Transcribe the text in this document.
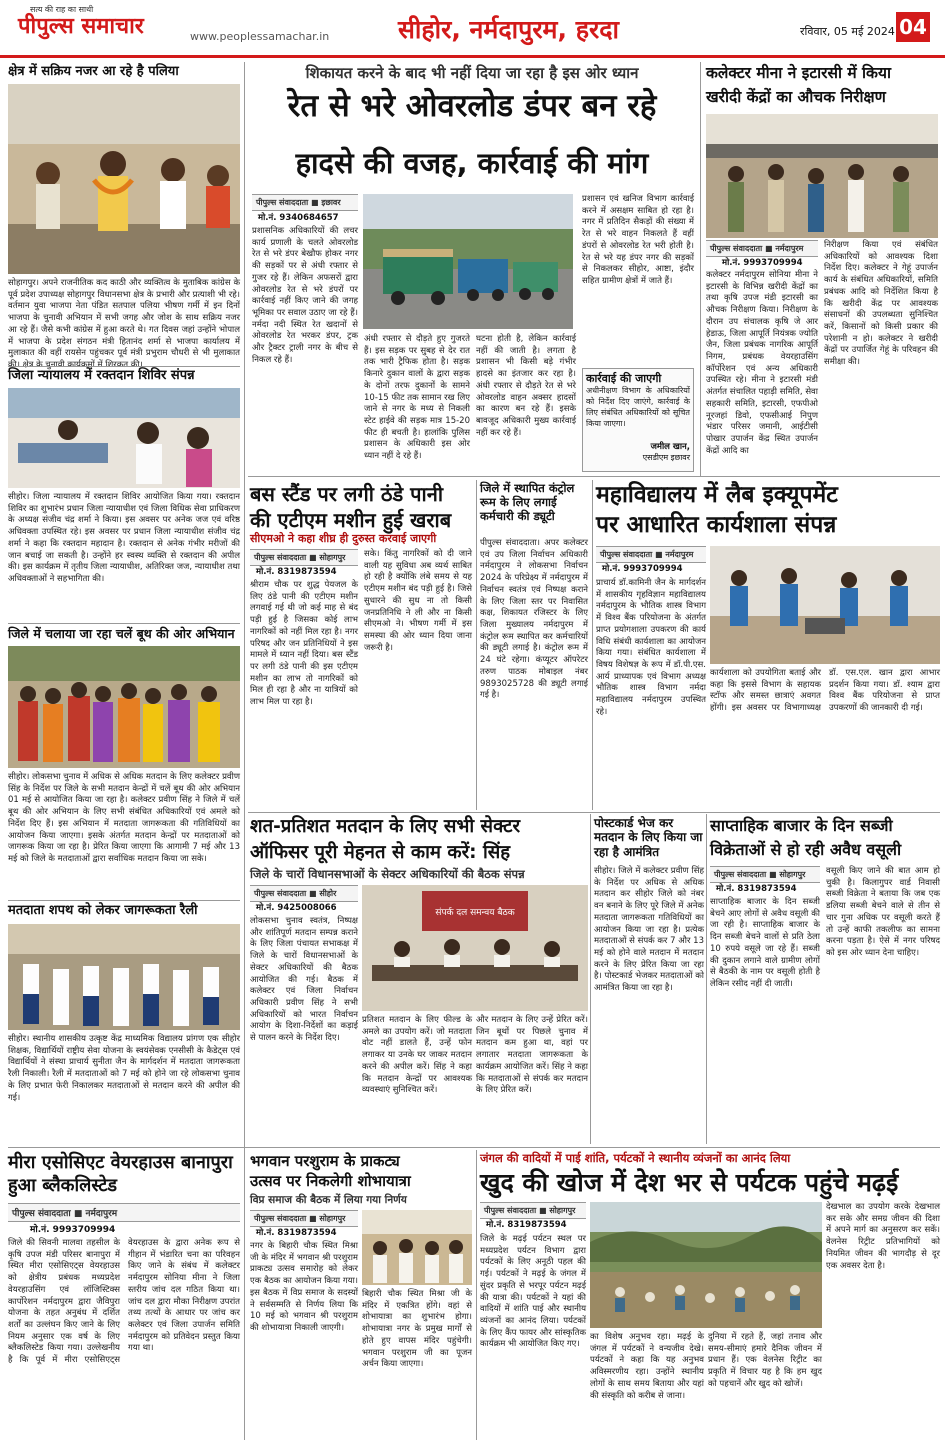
सत्य की राह का साथी
पीपुल्स समाचार	www.peoplessamachar.in	सीहोर, नर्मदापुरम, हरदा	रविवार, 05 मई 2024 04
क्षेत्र में सक्रिय नजर आ रहे है पलिया
सोहागपुर। अपने राजनीतिक कद काठी और व्यक्तित्व के मुताबिक कांग्रेस के पूर्व प्रदेश उपाध्यक्ष सोहागपुर विधानसभा क्षेत्र के प्रभारी और प्रत्याशी भी रहे। वर्तमान युवा भाजपा नेता पंडित सतपाल पलिया भीषण गर्मी में इन दिनों भाजपा के चुनावी अभियान में सभी जगह और जोश के साथ सक्रिय नजर आ रहे हैं। जैसे कभी कांग्रेस में हुआ करते थे। गत दिवस जहां उन्होंने भोपाल में भाजपा के प्रदेश संगठन मंत्री हितानंद शर्मा से भाजपा कार्यालय में मुलाकात की वहीं रायसेन पहुंचकर पूर्व मंत्री प्रभुराम चौधरी से भी मुलाकात
जिला न्यायालय में रक्तदान शिविर संपन्न
सीहोर। जिला न्यायालय में रक्तदान शिविर आयोजित किया गया। रक्तदान शिविर का शुभारंभ प्रधान जिला न्यायाधीश एवं जिला विधिक सेवा प्राधिकरण के अध्यक्ष संजीव चंद्र शर्मा ने किया। इस अवसर पर अनेक जज एवं वरिष्ठ अधिवक्ता उपस्थित रहे। इस अवसर पर प्रधान जिला न्यायाधीश संजीव चंद्र शर्मा ने कहा कि रक्तदान महादान है। रक्तदान से अनेक गंभीर मरीजों की जान बचाई जा सकती है। उन्होंने हर स्वस्थ व्यक्ति से रक्तदान की अपील की। इस कार्यक्रम में तृतीय जिला न्यायाधीश, अतिरिक्त जज, न्यायाधीश तथा अधिवक्ताओं ने सहभागिता की।
जिले में चलाया जा रहा चलें बूथ की ओर अभियान
सीहोर। लोकसभा चुनाव में अधिक से अधिक मतदान के लिए कलेक्टर प्रवीण सिंह के निर्देश पर जिले के सभी मतदान केन्द्रों में चलें बूथ की ओर अभियान 01 मई से आयोजित किया जा रहा है। कलेक्टर प्रवीण सिंह ने जिले में चलें बूथ की ओर अभियान के लिए सभी संबंधित अधिकारियों एवं अमले को निर्देश दिए हैं। इस अभियान में मतदाता जागरूकता की गतिविधियों का आयोजन किया जाएगा। इसके अंतर्गत मतदान केन्द्रों पर मतदाताओं को जागरूक किया जा रहा है। प्रेरित किया जाएगा कि आगामी 7 मई और 13 मई को जिले के मतदाताओं द्वारा सर्वाधिक मतदान किया जा सके।
मतदाता शपथ को लेकर जागरूकता रैली
सीहोर। स्थानीय शासकीय उत्कृष्ट केंद्र माध्यमिक विद्यालय प्रांगण एक सीहोर शिक्षक, विद्यार्थियों राष्ट्रीय सेवा योजना के स्वयंसेवक एनसीसी के कैडेट्स एवं विद्यार्थियों ने संस्था प्राचार्य सुनीता जैन के मार्गदर्शन में मतदाता जागरूकता रैली निकाली। रैली में मतदाताओं को 7 मई को होने जा रहे लोकसभा चुनाव के लिए प्रभात फेरी निकालकर मतदाताओं से मतदान करने की अपील की गई।
मीरा एसोसिएट वेयरहाउस बानापुरा हुआ ब्लैकलिस्टेड
पीपुल्स संवाददाता ■ नर्मदापुरम
मो.नं. 9993709994
जिले की सिवनी मालवा तहसील के कृषि उपज मंडी परिसर बानापुरा में स्थित मीरा एसोसिएट्स वेयरहाउस को क्षेत्रीय प्रबंधक मध्यप्रदेश वेयरहाउसिंग एवं लॉजिस्टिक्स कार्पोरेशन नर्मदापुरम द्वारा जैविपुरा योजना के तहत अनुबंध में दर्शित शर्तों का उल्लंघन किए जाने के लिए नियम अनुसार एक वर्ष के लिए ब्लैकलिस्टेड किया गया। उल्लेखनीय है कि पूर्व में मीरा एसोसिएट्स वेयरहाउस के द्वारा अनेक रूप से गीहान में भंडारित चना का परिवहन किए जाने के संबंध में कलेक्टर नर्मदापुरम सोनिया मीना ने जिला स्तरीय जांच दल गठित किया था। जांच दल द्वारा मौका निरीक्षण उपरांत तथ्य तत्थों के आधार पर जांच कर कलेक्टर एवं जिला उपार्जन समिति नर्मदापुरम को प्रतिवेदन प्रस्तुत किया गया था।
शिकायत करने के बाद भी नहीं दिया जा रहा है इस ओर ध्यान
रेत से भरे ओवरलोड डंपर बन रहे
हादसे की वजह, कार्रवाई की मांग
पीपुल्स संवाददाता ■ इछावर
मो.नं. 9340684657
प्रशासनिक अधिकारियों की लचर कार्य प्रणाली के चलते ओवरलोड रेत से भरे डंपर बेखौफ होकर नगर की सड़कों पर से अंधी रफ्तार से गुजर रहे हैं। लेकिन अफसरों द्वारा ओवरलोड रेत से भरे डंपरों पर कार्रवाई नहीं किए जाने की जगह भूमिका पर सवाल उठाए जा रहे हैं। नर्मदा नदी स्थित रेत खदानों से ओवरलोड रेत भरकर डंपर, ट्रक और ट्रैक्टर ट्राली नगर के बीच से निकल रहे हैं।
अंधी रफ्तार से दौड़ते हुए गुजरते हैं। इस सड़क पर सुबह से देर रात तक भारी ट्रैफिक होता है। सड़क किनारे दुकान वालों के द्वारा सड़क के दोनों तरफ दुकानों के सामने 10-15 फीट तक सामान रख लिए जाने से नगर के मध्य से निकली स्टेट हाईवे की सड़क मात्र 15-20 फीट ही बचती है। हालांकि पुलिस प्रशासन के अधिकारी इस ओर ध्यान नहीं दे रहे हैं।
घटना होती है, लेकिन कार्रवाई नहीं की जाती है। लगता है प्रशासन भी किसी बड़े गंभीर हादसे का इंतजार कर रहा है। अंधी रफ्तार से दौड़ते रेत से भरे ओवरलोड वाहन अक्सर हादसों का कारण बन रहे हैं। इसके बावजूद अधिकारी मुख्य कार्रवाई नहीं कर रहे हैं।
प्रशासन एवं खनिज विभाग कार्रवाई करने में असक्षम साबित हो रहा है। नगर में प्रतिदिन सैकड़ों की संख्या में रेत से भरे वाहन निकलते हैं वहीं डंपरों से ओवरलोड रेत भरी होती है। रेत से भरे यह डंपर नगर की सड़कों से निकलकर सीहोर, आष्टा, इंदौर सहित ग्रामीण क्षेत्रों में जाते हैं।
कार्रवाई की जाएगी
अधीनीक्षण विभाग के अधिकारियों को निर्देश दिए जाएंगे, कार्रवाई के लिए संबंधित अधिकारियों को सूचित किया जाएगा।
जमील खान,
एसडीएम इछावर
कलेक्टर मीना ने इटारसी में किया
खरीदी केंद्रों का औचक निरीक्षण
पीपुल्स संवाददाता ■ नर्मदापुरम
मो.नं. 9993709994
कलेक्टर नर्मदापुरम सोनिया मीना ने इटारसी के विभिन्न खरीदी केंद्रों का तथा कृषि उपज मंडी इटारसी का औचक निरीक्षण किया। निरीक्षण के दौरान उप संचालक कृषि जे आर हेडाऊ, जिला आपूर्ति नियंत्रक ज्योति जैन, जिला प्रबंधक नागरिक आपूर्ति निगम, प्रबंधक वेयरहाउसिंग कॉर्पोरेशन एवं अन्य अधिकारी उपस्थित रहे। मीना ने इटारसी मंडी अंतर्गत संचालित पहाड़ी समिति, सेवा सहकारी समिति, इटारसी, एफपीओ नूरजहां डिवो, एफसीआई निपुण भंडार परिसर जमानी, आईटीसी पोखार उपार्जन केंद्र स्थित उपार्जन केंद्रों आदि का
निरीक्षण किया एवं संबंधित अधिकारियों को आवश्यक दिशा निर्देश दिए। कलेक्टर ने गेहूं उपार्जन कार्य के संबंधित अधिकारियों, समिति प्रबंधक आदि को निर्देशित किया है कि खरीदी केंद्र पर आवश्यक संसाधनों की उपलब्धता सुनिश्चित करें, किसानों को किसी प्रकार की परेशानी न हो। कलेक्टर ने खरीदी केंद्रों पर उपार्जित गेहूं के परिवहन की समीक्षा की।
बस स्टैंड पर लगी ठंडे पानी
की एटीएम मशीन हुई खराब
सीएमओ ने कहा शीघ्र ही दुरुस्त करवाई जाएगी
पीपुल्स संवाददाता ■ सोहागपुर
मो.नं. 8319873594
श्रीराम चौक पर शुद्ध पेयजल के लिए ठंडे पानी की एटीएम मशीन लगवाई गई थी जो कई माह से बंद पड़ी हुई है जिसका कोई लाभ नागरिकों को नहीं मिल रहा है। नगर परिषद और जन प्रतिनिधियों ने इस मामले में ध्यान नहीं दिया। बस स्टैंड पर लगी ठंडे पानी की इस एटीएम मशीन का लाभ तो नागरिकों को मिल ही रहा है और ना यात्रियों को लाभ मिल पा रहा है।
सके। किंतु नागरिकों को दी जाने वाली यह सुविधा अब व्यर्थ साबित हो रही है क्योंकि लंबे समय से यह एटीएम मशीन बंद पड़ी हुई है। जिसे सुधारने की सुध ना तो किसी जनप्रतिनिधि ने ली और ना किसी सीएमओ ने। भीषण गर्मी में इस समस्या की ओर ध्यान दिया जाना जरूरी है।
जिले में स्थापित कंट्रोल रूम के लिए लगाई कर्मचारी की ड्यूटी
पीपुल्स संवाददाता। अपर कलेक्टर एवं उप जिला निर्वाचन अधिकारी नर्मदापुरम ने लोकसभा निर्वाचन 2024 के परिप्रेक्ष्य में नर्मदापुरम में निर्वाचन स्वतंत्र एवं निष्पक्ष कराने के लिए जिला स्तर पर निवासित कक्ष, शिकायत रजिस्टर के लिए जिला मुख्यालय नर्मदापुरम में कंट्रोल रूम स्थापित कर कर्मचारियों की ड्यूटी लगाई है। कंट्रोल रूम में 24 घंटे रहेगा। कंप्यूटर ऑपरेटर तरुण पाठक मोबाइल नंबर 9893025728 की ड्यूटी लगाई गई है।
महाविद्यालय में लैब इक्यूपमेंट
पर आधारित कार्यशाला संपन्न
पीपुल्स संवाददाता ■ नर्मदापुरम
मो.नं. 9993709994
प्राचार्य डॉ.कामिनी जैन के मार्गदर्शन में शासकीय गृहविज्ञान महाविद्यालय नर्मदापुरम के भौतिक शास्त्र विभाग में विश्व बैंक परियोजना के अंतर्गत प्राप्त प्रयोगशाला उपकरण की कार्य विधि संबंधी कार्यशाला का आयोजन किया गया। संबंधित कार्यशाला में विषय विशेषज्ञ के रूप में डॉ.पी.एस. आर्य प्राध्यापक एवं विभाग अध्यक्ष भौतिक शास्त्र विभाग नर्मदा महाविद्यालय नर्मदापुरम उपस्थित रहे।
कार्यशाला को उपयोगिता बताई और कहा कि इससे विभाग के सहायक स्टॉफ और समस्त छात्राएं अवगत होंगी। इस अवसर पर विभागाध्यक्ष डॉ. एस.एल. खान द्वारा आभार प्रदर्शन किया गया। डॉ. श्याम द्वारा विश्व बैंक परियोजना से प्राप्त उपकरणों की जानकारी दी गई।
शत-प्रतिशत मतदान के लिए सभी सेक्टर
ऑफिसर पूरी मेहनत से काम करें: सिंह
जिले के चारों विधानसभाओं के सेक्टर अधिकारियों की बैठक संपन्न
पीपुल्स संवाददाता ■ सीहोर
मो.नं. 9425008066
लोकसभा चुनाव स्वतंत्र, निष्पक्ष और शांतिपूर्ण मतदान सम्पन्न कराने के लिए जिला पंचायत सभाकक्ष में जिले के चारों विधानसभाओं के सेक्टर अधिकारियों की बैठक आयोजित की गई। बैठक में कलेक्टर एवं जिला निर्वाचन अधिकारी प्रवीण सिंह ने सभी अधिकारियों को भारत निर्वाचन आयोग के दिशा-निर्देशों का कड़ाई से पालन करने के निर्देश दिए।
संपर्क दल समन्वय बैठक
प्रतिशत मतदान के लिए फील्ड के अमले का उपयोग करें। जो मतदाता वोट नहीं डालते हैं, उन्हें फोन लगाकर या उनके घर जाकर मतदान करने की अपील करें। सिंह ने कहा कि मतदान केन्द्रों पर आवश्यक व्यवस्थाएं सुनिश्चित करें।
और मतदान के लिए उन्हें प्रेरित करें। जिन बूथों पर पिछले चुनाव में मतदान कम हुआ था, वहां पर लगातार मतदाता जागरूकता के कार्यक्रम आयोजित करें। सिंह ने कहा कि मतदाताओं से संपर्क कर मतदान के लिए प्रेरित करें।
पोस्टकार्ड भेज कर मतदान के लिए किया जा रहा है आमंत्रित
सीहोर। जिले में कलेक्टर प्रवीण सिंह के निर्देश पर अधिक से अधिक मतदान कर सीहोर जिले को नंबर वन बनाने के लिए पूरे जिले में अनेक मतदाता जागरूकता गतिविधियों का आयोजन किया जा रहा है। प्रत्येक मतदाताओं से संपर्क कर 7 और 13 मई को होने वाले मतदान में मतदान करने के लिए प्रेरित किया जा रहा है। पोस्टकार्ड भेजकर मतदाताओं को आमंत्रित किया जा रहा है।
साप्ताहिक बाजार के दिन सब्जी
विक्रेताओं से हो रही अवैध वसूली
पीपुल्स संवाददाता ■ सोहागपुर
मो.नं. 8319873594
साप्ताहिक बाजार के दिन सब्जी बेचने आए लोगों से अवैध वसूली की जा रही है। साप्ताहिक बाजार के दिन सब्जी बेचने वालों से प्रति ठेला 10 रुपये वसूले जा रहे हैं। सब्जी की दुकान लगाने वाले ग्रामीण लोगों से बैठकी के नाम पर वसूली होती है लेकिन रसीद नहीं दी जाती।
वसूली किए जाने की बात आम हो चुकी है। किलागुपर वार्ड निवासी सब्जी विक्रेता ने बताया कि जब एक डलिया सब्जी बेचने वाले से तीन से चार गुना अधिक पर वसूली करते हैं तो उन्हें काफी तकलीफ का सामना करना पड़ता है। ऐसे में नगर परिषद को इस ओर ध्यान देना चाहिए।
भगवान परशुराम के प्राकट्य
उत्सव पर निकलेगी शोभायात्रा
विप्र समाज की बैठक में लिया गया निर्णय
पीपुल्स संवाददाता ■ सोहागपुर
मो.नं. 8319873594
नगर के बिहारी चौक स्थित मिश्रा जी के मंदिर में भगवान श्री परशुराम प्राकट्य उत्सव समारोह को लेकर एक बैठक का आयोजन किया गया। इस बैठक में विप्र समाज के सदस्यों ने सर्वसम्मति से निर्णय लिया कि 10 मई को भगवान श्री परशुराम की शोभायात्रा निकाली जाएगी।
बिहारी चौक स्थित मिश्रा जी के मंदिर में एकत्रित होंगे। वहां से शोभायात्रा का शुभारंभ होगा। शोभायात्रा नगर के प्रमुख मार्गों से होते हुए वापस मंदिर पहुंचेगी। भगवान परशुराम जी का पूजन अर्चन किया जाएगा।
जंगल की वादियों में पाई शांति, पर्यटकों ने स्थानीय व्यंजनों का आनंद लिया
खुद की खोज में देश भर से पर्यटक पहुंचे मढ़ई
पीपुल्स संवाददाता ■ सोहागपुर
मो.नं. 8319873594
जिले के मढ़ई पर्यटन स्थल पर मध्यप्रदेश पर्यटन विभाग द्वारा पर्यटकों के लिए अनूठी पहल की गई। पर्यटकों ने मढ़ई के जंगल में सुंदर प्रकृति से भरपूर पर्यटन मढ़ई की यात्रा की। पर्यटकों ने यहां की वादियों में शांति पाई और स्थानीय व्यंजनों का आनंद लिया। पर्यटकों के लिए कैंप फायर और सांस्कृतिक कार्यक्रम भी आयोजित किए गए।
का विशेष अनुभव रहा। मढ़ई के जंगल में पर्यटकों ने वन्यजीव देखे। पर्यटकों ने कहा कि यह अनुभव अविस्मरणीय रहा। उन्होंने स्थानीय लोगों के साथ समय बिताया और यहां की संस्कृति को करीब से जाना।
दुनिया में रहते हैं, जहां तनाव और समय-सीमाएं हमारे दैनिक जीवन में प्रधान हैं। एक वेलनेस रिट्रीट का प्रकृति में विचार यह है कि हम खुद को पहचानें और खुद को खोजें।
देखभाल का उपयोग करके देखभाल कर सके और समग्र जीवन की दिशा में अपने मार्ग का अनुसरण कर सकें। वेलनेस रिट्रीट प्रतिभागियों को नियमित जीवन की भागदौड़ से दूर एक अवसर देता है।
